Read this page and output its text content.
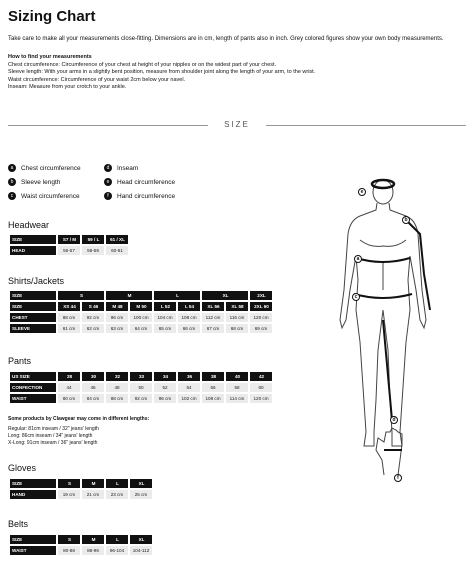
Sizing Chart
Take care to make all your measurements close-fitting. Dimensions are in cm, length of pants also in inch. Grey colored figures show your own body measurements.
How to find your measurements
Chest circumference: Circumference of your chest at height of your nipples or on the widest part of your chest.
Sleeve length: With your arms in a slightly bent position, measure from shoulder joint along the length of your arm, to the wrist.
Waist circumference: Circumference of your waist 2cm below your navel.
Inseam: Measure from your crotch to your ankle.
SIZE
a	Chest circumference
b	Sleeve length
c	Waist circumference
d	Inseam
e	Head circumference
f	Hand circumference
Headwear
SIZE	S7 / M	59 / L	61 / XL
HEAD	56-57	58-59	60-61
Shirts/Jackets
SIZE	S		M		L		XL		2XL
SIZE	XS 44	S 46	M 48	M 50	L 52	L 54	XL 56	XL 58	2XL 60
CHEST	88 cm	92 cm	96 cm	100 cm	104 cm	108 cm	112 cm	116 cm	120 cm
SLEEVE	61 cm	62 cm	63 cm	64 cm	65 cm	66 cm	67 cm	68 cm	69 cm
Pants
US SIZE	28	30	32	33	34	36	38	40	42
CONFECTION	44	46	48	50	52	54	56	58	60
WAIST	80 cm	84 cm	88 cm	92 cm	96 cm	102 cm	108 cm	114 cm	120 cm
Some products by Clawgear may come in different lengths:
Regular: 81cm inseam / 32" jeans' length
Long: 86cm inseam / 34" jeans' length
X-Long: 91cm inseam / 36" jeans' length
Gloves
SIZE	S	M	L	XL
HAND	19 cm	21 cm	23 cm	25 cm
Belts
SIZE	S	M	L	XL
WAIST	80-88	88-96	96-104	104-112
a
b
c
d
e
f
